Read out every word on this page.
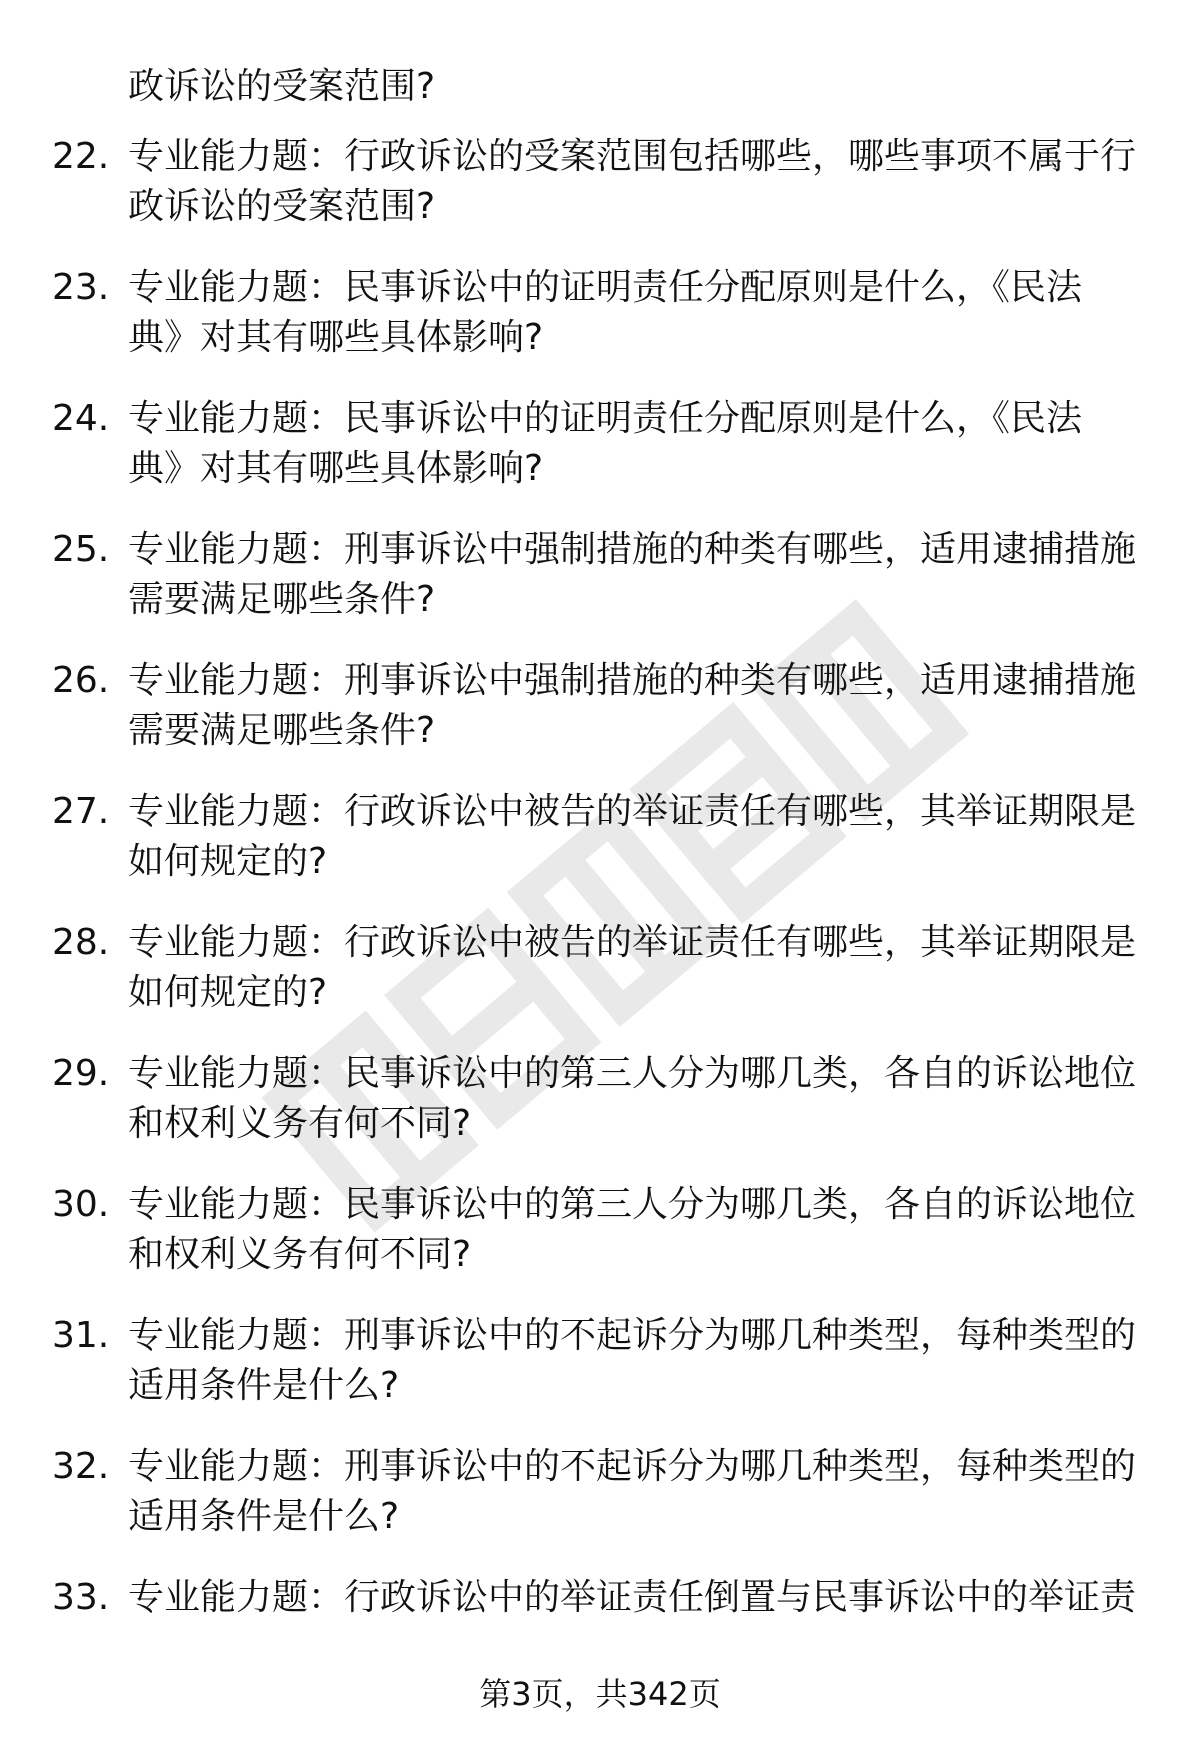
政诉讼的受案范围?
22. 专业能力题：行政诉讼的受案范围包括哪些，哪些事项不属于行
政诉讼的受案范围?
23. 专业能力题：民事诉讼中的证明责任分配原则是什么，《民法
典》对其有哪些具体影响?
24. 专业能力题：民事诉讼中的证明责任分配原则是什么，《民法
典》对其有哪些具体影响?
25. 专业能力题：刑事诉讼中强制措施的种类有哪些，适用逮捕措施
需要满足哪些条件?
26. 专业能力题：刑事诉讼中强制措施的种类有哪些，适用逮捕措施
需要满足哪些条件?
27. 专业能力题：行政诉讼中被告的举证责任有哪些，其举证期限是
如何规定的?
28. 专业能力题：行政诉讼中被告的举证责任有哪些，其举证期限是
如何规定的?
29. 专业能力题：民事诉讼中的第三人分为哪几类，各自的诉讼地位
和权利义务有何不同?
30. 专业能力题：民事诉讼中的第三人分为哪几类，各自的诉讼地位
和权利义务有何不同?
31. 专业能力题：刑事诉讼中的不起诉分为哪几种类型，每种类型的
适用条件是什么?
32. 专业能力题：刑事诉讼中的不起诉分为哪几种类型，每种类型的
适用条件是什么?
33. 专业能力题：行政诉讼中的举证责任倒置与民事诉讼中的举证责
第3页，共342页
